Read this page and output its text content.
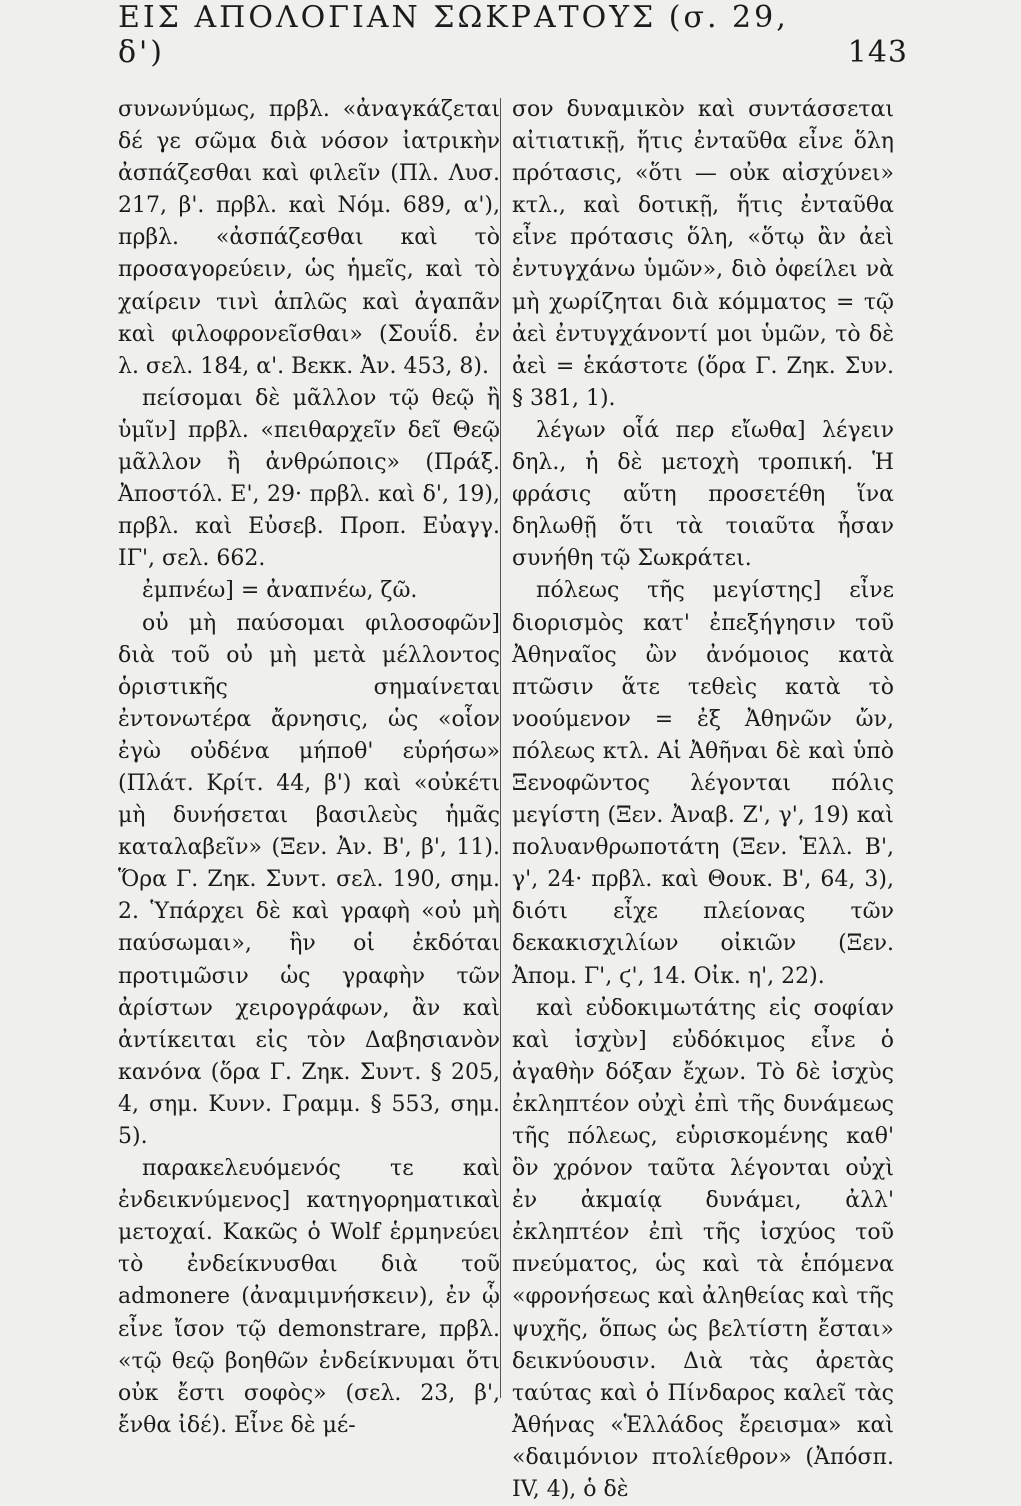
ΕΙΣ ΑΠΟΛΟΓΙΑΝ ΣΩΚΡΑΤΟΥΣ (σ. 29, δ')	143

συνωνύμως, πρβλ. «ἀναγκάζεται δέ γε σῶμα διὰ νόσον ἰατρικὴν ἀσπάζεσθαι καὶ φιλεῖν (Πλ. Λυσ. 217, β'. πρβλ. καὶ Νόμ. 689, α'), πρβλ. «ἀσπάζεσθαι καὶ τὸ προσαγορεύειν, ὡς ἡμεῖς, καὶ τὸ χαίρειν τινὶ ἁπλῶς καὶ ἀγαπᾶν καὶ φιλοφρονεῖσθαι» (Σουΐδ. ἐν λ. σελ. 184, α'. Βεκκ. Ἀν. 453, 8).

πείσομαι δὲ μᾶλλον τῷ θεῷ ἢ ὑμῖν] πρβλ. «πειθαρχεῖν δεῖ Θεῷ μᾶλλον ἢ ἀνθρώποις» (Πράξ. Ἀποστόλ. Ε', 29· πρβλ. καὶ δ', 19), πρβλ. καὶ Εὐσεβ. Προπ. Εὐαγγ. ΙΓ', σελ. 662.

ἐμπνέω] = ἀναπνέω, ζῶ.

οὐ μὴ παύσομαι φιλοσοφῶν] διὰ τοῦ οὐ μὴ μετὰ μέλλοντος ὁριστικῆς σημαίνεται ἐντονωτέρα ἄρνησις, ὡς «οἷον ἐγὼ οὐδένα μήποθ' εὑρήσω» (Πλάτ. Κρίτ. 44, β') καὶ «οὐκέτι μὴ δυνήσεται βασιλεὺς ἡμᾶς καταλαβεῖν» (Ξεν. Ἀν. Β', β', 11). Ὅρα Γ. Ζηκ. Συντ. σελ. 190, σημ. 2. Ὑπάρχει δὲ καὶ γραφὴ «οὐ μὴ παύσωμαι», ἣν οἱ ἐκδόται προτιμῶσιν ὡς γραφὴν τῶν ἀρίστων χειρογράφων, ἂν καὶ ἀντίκειται εἰς τὸν Δαβησιανὸν κανόνα (ὅρα Γ. Ζηκ. Συντ. § 205, 4, σημ. Κυνν. Γραμμ. § 553, σημ. 5).

παρακελευόμενός τε καὶ ἐνδεικνύμενος] κατηγορηματικαὶ μετοχαί. Κακῶς ὁ Wolf ἑρμηνεύει τὸ ἐνδείκνυσθαι διὰ τοῦ admonere (ἀναμιμνήσκειν), ἐν ᾧ εἶνε ἴσον τῷ demonstrare, πρβλ. «τῷ θεῷ βοηθῶν ἐνδείκνυμαι ὅτι οὐκ ἔστι σοφὸς» (σελ. 23, β', ἔνθα ἰδέ). Εἶνε δὲ μέ-

σον δυναμικὸν καὶ συντάσσεται αἰτιατικῇ, ἥτις ἐνταῦθα εἶνε ὅλη πρότασις, «ὅτι — οὐκ αἰσχύνει» κτλ., καὶ δοτικῇ, ἥτις ἐνταῦθα εἶνε πρότασις ὅλη, «ὅτῳ ἂν ἀεὶ ἐντυγχάνω ὑμῶν», διὸ ὀφείλει νὰ μὴ χωρίζηται διὰ κόμματος = τῷ ἀεὶ ἐντυγχάνοντί μοι ὑμῶν, τὸ δὲ ἀεὶ = ἑκάστοτε (ὅρα Γ. Ζηκ. Συν. § 381, 1).

λέγων οἷά περ εἴωθα] λέγειν δηλ., ἡ δὲ μετοχὴ τροπική. Ἡ φράσις αὕτη προσετέθη ἵνα δηλωθῇ ὅτι τὰ τοιαῦτα ἦσαν συνήθη τῷ Σωκράτει.

πόλεως τῆς μεγίστης] εἶνε διορισμὸς κατ' ἐπεξήγησιν τοῦ Ἀθηναῖος ὢν ἀνόμοιος κατὰ πτῶσιν ἅτε τεθεὶς κατὰ τὸ νοούμενον = ἐξ Ἀθηνῶν ὤν, πόλεως κτλ. Αἱ Ἀθῆναι δὲ καὶ ὑπὸ Ξενοφῶντος λέγονται πόλις μεγίστη (Ξεν. Ἀναβ. Ζ', γ', 19) καὶ πολυανθρωποτάτη (Ξεν. Ἑλλ. Β', γ', 24· πρβλ. καὶ Θουκ. Β', 64, 3), διότι εἶχε πλείονας τῶν δεκακισχιλίων οἰκιῶν (Ξεν. Ἀπομ. Γ', ϛ', 14. Οἰκ. η', 22).

καὶ εὐδοκιμωτάτης εἰς σοφίαν καὶ ἰσχὺν] εὐδόκιμος εἶνε ὁ ἀγαθὴν δόξαν ἔχων. Τὸ δὲ ἰσχὺς ἐκληπτέον οὐχὶ ἐπὶ τῆς δυνάμεως τῆς πόλεως, εὑρισκομένης καθ' ὃν χρόνον ταῦτα λέγονται οὐχὶ ἐν ἀκμαίᾳ δυνάμει, ἀλλ' ἐκληπτέον ἐπὶ τῆς ἰσχύος τοῦ πνεύματος, ὡς καὶ τὰ ἑπόμενα «φρονήσεως καὶ ἀληθείας καὶ τῆς ψυχῆς, ὅπως ὡς βελτίστη ἔσται» δεικνύουσιν. Διὰ τὰς ἀρετὰς ταύτας καὶ ὁ Πίνδαρος καλεῖ τὰς Ἀθήνας «Ἑλλάδος ἔρεισμα» καὶ «δαιμόνιον πτολίεθρον» (Ἀπόσπ. IV, 4), ὁ δὲ
